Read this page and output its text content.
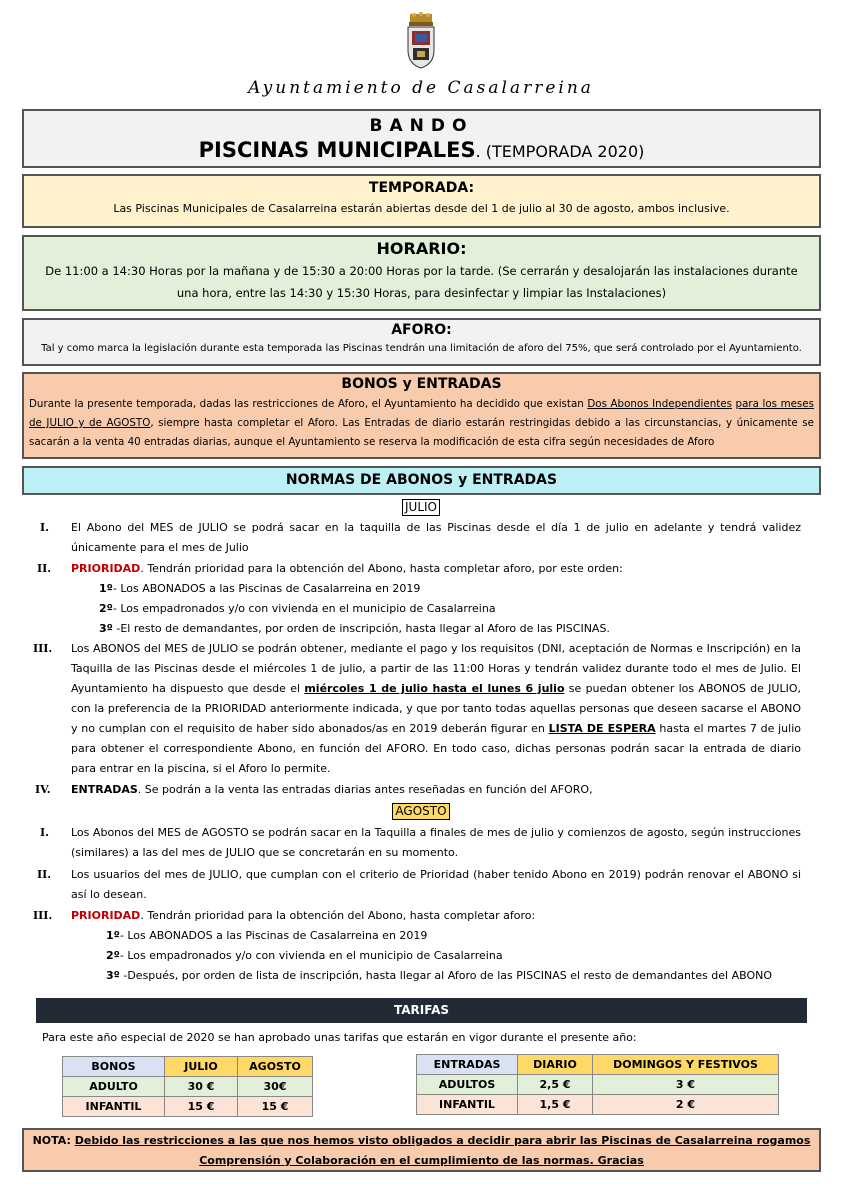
Ayuntamiento de Casalarreina
BANDO
PISCINAS MUNICIPALES. (TEMPORADA 2020)
TEMPORADA:
Las Piscinas Municipales de Casalarreina estarán abiertas desde del 1 de julio al 30 de agosto, ambos inclusive.
HORARIO:
De 11:00 a 14:30 Horas por la mañana y de 15:30 a 20:00 Horas por la tarde. (Se cerrarán y desalojarán las instalaciones durante una hora, entre las 14:30 y 15:30 Horas, para desinfectar y limpiar las Instalaciones)
AFORO:
Tal y como marca la legislación durante esta temporada las Piscinas tendrán una limitación de aforo del 75%, que será controlado por el Ayuntamiento.
BONOS y ENTRADAS
Durante la presente temporada, dadas las restricciones de Aforo, el Ayuntamiento ha decidido que existan Dos Abonos Independientes para los meses de JULIO y de AGOSTO, siempre hasta completar el Aforo. Las Entradas de diario estarán restringidas debido a las circunstancias, y únicamente se sacarán a la venta 40 entradas diarias, aunque el Ayuntamiento se reserva la modificación de esta cifra según necesidades de Aforo
NORMAS DE ABONOS y ENTRADAS
JULIO
I.	El Abono del MES de JULIO se podrá sacar en la taquilla de las Piscinas desde el día 1 de julio en adelante y tendrá validez únicamente para el mes de Julio
II. PRIORIDAD. Tendrán prioridad para la obtención del Abono, hasta completar aforo, por este orden:
1º- Los ABONADOS a las Piscinas de Casalarreina en 2019
2º- Los empadronados y/o con vivienda en el municipio de Casalarreina
3º -El resto de demandantes, por orden de inscripción, hasta llegar al Aforo de las PISCINAS.
III. Los ABONOS del MES de JULIO se podrán obtener, mediante el pago y los requisitos (DNI, aceptación de Normas e Inscripción) en la Taquilla de las Piscinas desde el miércoles 1 de julio, a partir de las 11:00 Horas y tendrán validez durante todo el mes de Julio. El Ayuntamiento ha dispuesto que desde el miércoles 1 de julio hasta el lunes 6 julio se puedan obtener los ABONOS de JULIO, con la preferencia de la PRIORIDAD anteriormente indicada, y que por tanto todas aquellas personas que deseen sacarse el ABONO y no cumplan con el requisito de haber sido abonados/as en 2019 deberán figurar en LISTA DE ESPERA hasta el martes 7 de julio para obtener el correspondiente Abono, en función del AFORO. En todo caso, dichas personas podrán sacar la entrada de diario para entrar en la piscina, si el Aforo lo permite.
IV. ENTRADAS. Se podrán a la venta las entradas diarias antes reseñadas en función del AFORO,
AGOSTO
I.	Los Abonos del MES de AGOSTO se podrán sacar en la Taquilla a finales de mes de julio y comienzos de agosto, según instrucciones (similares) a las del mes de JULIO que se concretarán en su momento.
II. Los usuarios del mes de JULIO, que cumplan con el criterio de Prioridad (haber tenido Abono en 2019) podrán renovar el ABONO si así lo desean.
III. PRIORIDAD. Tendrán prioridad para la obtención del Abono, hasta completar aforo:
1º- Los ABONADOS a las Piscinas de Casalarreina en 2019
2º- Los empadronados y/o con vivienda en el municipio de Casalarreina
3º -Después, por orden de lista de inscripción, hasta llegar al Aforo de las PISCINAS el resto de demandantes del ABONO
TARIFAS
Para este año especial de 2020 se han aprobado unas tarifas que estarán en vigor durante el presente año:
BONOS	JULIO	AGOSTO
ADULTO	30 €	30€
INFANTIL	15 €	15 €
ENTRADAS	DIARIO	DOMINGOS Y FESTIVOS
ADULTOS	2,5 €	3 €
INFANTIL	1,5 €	2 €
NOTA: Debido las restricciones a las que nos hemos visto obligados a decidir para abrir las Piscinas de Casalarreina rogamos Comprensión y Colaboración en el cumplimiento de las normas. Gracias
